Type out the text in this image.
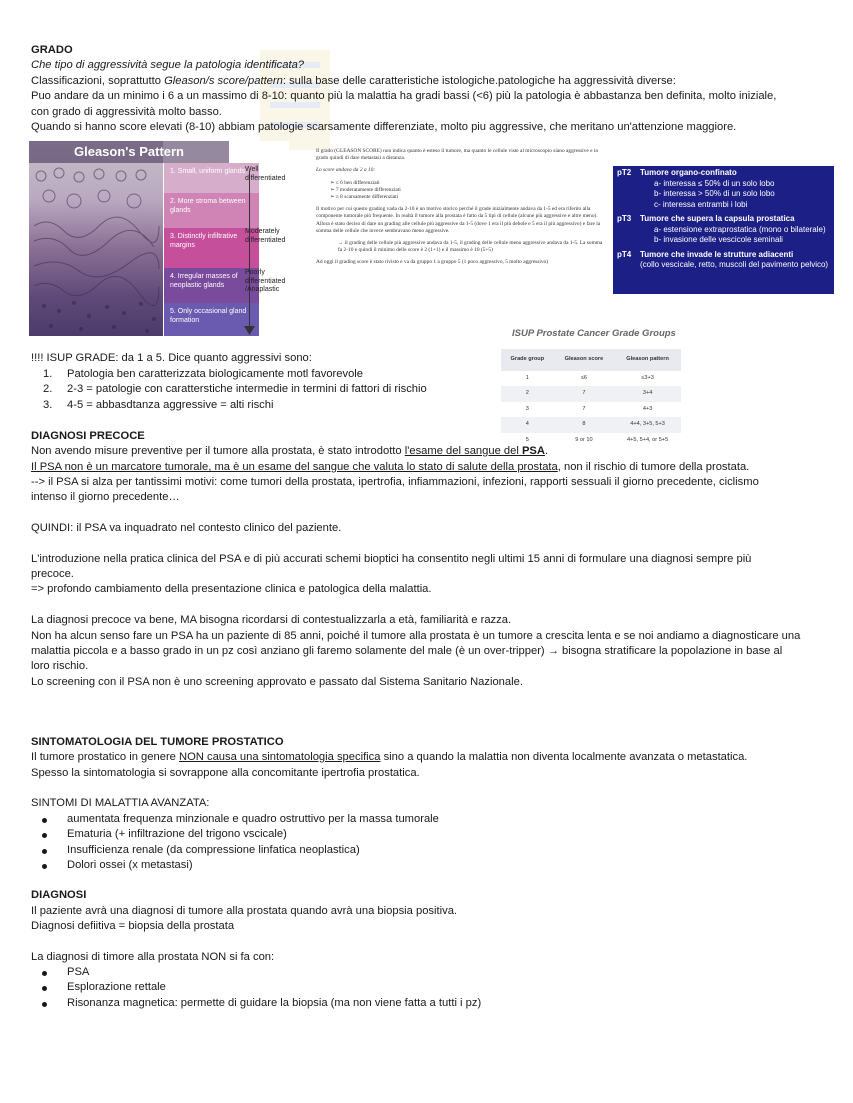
GRADO
Che tipo di aggressività segue la patologia identificata?
Classificazioni, soprattutto Gleason/s score/pattern: sulla base delle caratteristiche istologiche.patologiche ha aggressività diverse:
Puo andare da un minimo i 6 a un massimo di 8-10: quanto più la malattia ha gradi bassi (<6) più la patologia è abbastanza ben definita, molto iniziale,
con grado di aggressività molto basso.
Quando si hanno score elevati (8-10) abbiam patologie scarsamente differenziate, molto piu aggressive, che meritano un'attenzione maggiore.
Gleason's Pattern
1. Small, uniform glands
2. More stroma between glands
3. Distinctly infiltrative margins
4. Irregular masses of neoplastic glands
5. Only occasional gland formation
Well differentiated
Moderately differentiated
Poorly differentiated /Anaplastic

Il grado (GLEASON SCORE) non indica quanto è esteso il tumore, ma quanto le cellule viste al microscopio siano aggressive e in grado quindi di dare metastasi a distanza.

Lo score andava da 2 a 10:

➢ ≤ 6 ben differenziati
➢ 7 moderatamente differenziati
➢ ≥ 8 scarsamente differenziati

Il motivo per cui questo grading vada da 2-10 è un motivo storico perché il grade inizialmente andava da 1-5 ed era riferito alla componente tumorale più frequente. In realtà il tumore alla prostata è fatto da 5 tipi di cellule (alcune più aggressive e altre meno). Allora è stato deciso di dare un grading alle cellule più aggressive da 1-5 (dove 1 era il più debole e 5 era il più aggressivo) e fare la somma delle cellule che invece sembravano meno aggressive.

→ il grading delle cellule più aggressive andava da 1-5, il grading delle cellule meno aggressive andava da 1-5. La somma fa 2-10 e quindi il minimo delle score è 2 (1+1) e il massimo è 10 (5+5)

Ad oggi il grading score è stato rivisto e va da gruppo 1 a gruppo 5 (1 poco aggressivo, 5 molto aggressivo)

pT2 Tumore organo-confinato
a- interessa ≤ 50% di un solo lobo
b- interessa > 50% di un solo lobo
c- interessa entrambi i lobi
pT3 Tumore che supera la capsula prostatica
a- estensione extraprostatica (mono o bilaterale)
b- invasione delle vescicole seminali
pT4 Tumore che invade le strutture adiacenti
(collo vescicale, retto, muscoli del pavimento pelvico)
ISUP Prostate Cancer Grade Groups
Grade group	Gleason score	Gleason pattern
1	≤6	≤3+3
2	7	3+4
3	7	4+3
4	8	4+4, 3+5, 5+3
5	9 or 10	4+5, 5+4, or 5+5
!!!! ISUP GRADE: da 1 a 5. Dice quanto aggressivi sono:
1. Patologia ben caratterizzata biologicamente motl favorevole
2. 2-3 = patologie con caratterstiche intermedie in termini di fattori di rischio
3. 4-5 = abbasdtanza aggressive = alti rischi
DIAGNOSI PRECOCE
Non avendo misure preventive per il tumore alla prostata, è stato introdotto l'esame del sangue del PSA.
Il PSA non è un marcatore tumorale, ma è un esame del sangue che valuta lo stato di salute della prostata, non il rischio di tumore della prostata.
--> il PSA si alza per tantissimi motivi: come tumori della prostata, ipertrofia, infiammazioni, infezioni, rapporti sessuali il giorno precedente, ciclismo
intenso il giorno precedente…
QUINDI: il PSA va inquadrato nel contesto clinico del paziente.
L'introduzione nella pratica clinica del PSA e di più accurati schemi bioptici ha consentito negli ultimi 15 anni di formulare una diagnosi sempre più
precoce.
=> profondo cambiamento della presentazione clinica e patologica della malattia.
La diagnosi precoce va bene, MA bisogna ricordarsi di contestualizzarla a età, familiarità e razza.
Non ha alcun senso fare un PSA ha un paziente di 85 anni, poiché il tumore alla prostata è un tumore a crescita lenta e se noi andiamo a diagnosticare una
malattia piccola e a basso grado in un pz così anziano gli faremo solamente del male (è un over-tripper) → bisogna stratificare la popolazione in base al
loro rischio.
Lo screening con il PSA non è uno screening approvato e passato dal Sistema Sanitario Nazionale.
SINTOMATOLOGIA DEL TUMORE PROSTATICO
Il tumore prostatico in genere NON causa una sintomatologia specifica sino a quando la malattia non diventa localmente avanzata o metastatica.
Spesso la sintomatologia si sovrappone alla concomitante ipertrofia prostatica.
SINTOMI DI MALATTIA AVANZATA:
aumentata frequenza minzionale e quadro ostruttivo per la massa tumorale
Ematuria (+ infiltrazione del trigono vscicale)
Insufficienza renale (da compressione linfatica neoplastica)
Dolori ossei (x metastasi)
DIAGNOSI
Il paziente avrà una diagnosi di tumore alla prostata quando avrà una biopsia positiva.
Diagnosi defiitiva = biopsia della prostata
La diagnosi di timore alla prostata NON si fa con:
PSA
Esplorazione rettale
Risonanza magnetica: permette di guidare la biopsia (ma non viene fatta a tutti i pz)
